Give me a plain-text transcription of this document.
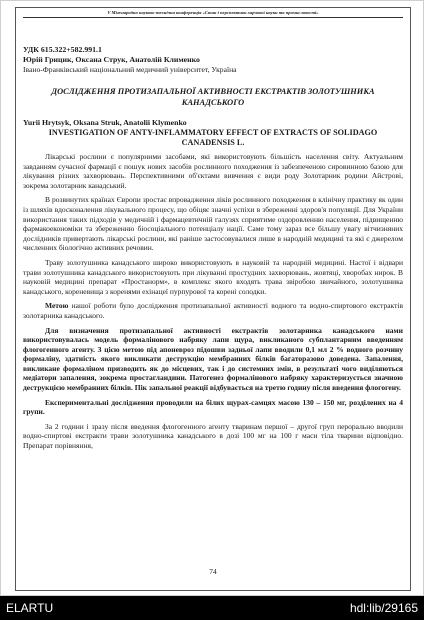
V Міжнародна науково-технічна конференція «Стан і перспективи харчової науки та промисловості»
УДК 615.322+582.991.1
Юрій Грицик, Оксана Струк, Анатолій Клименко
Івано-Франківський національний медичний університет, Україна
ДОСЛІДЖЕННЯ ПРОТИЗАПАЛЬНОЇ АКТИВНОСТІ ЕКСТРАКТІВ ЗОЛОТУШНИКА КАНАДСЬКОГО
Yurii Hrytsyk, Oksana Struk, Anatolii Klymenko
INVESTIGATION OF ANTY-INFLAMMATORY EFFECT OF EXTRACTS OF SOLIDAGO CANADENSIS L.

Лікарські рослини є популярними засобами, які використовують більшість населення світу. Актуальним завданням сучасної фармації є пошук нових засобів рослинного походження із забезпеченою сировинною базою для лікування різних захворювань. Перспективними об'єктами вивчення є види роду Золотарник родини Айстрові, зокрема золотарник канадський.

В розвинутих країнах Європи зростає впровадження ліків рослинного походження в клінічну практику як один із шляхів вдосконалення лікувального процесу, що обіцяє значні успіхи в збереженні здоров'я популяції. Для України використання таких підходів у медичній і фармацевтичній галузях сприятиме оздоровленню населення, підвищенню фармакоекономіки та збереженню біосоціального потенціалу нації. Саме тому зараз все більшу увагу вітчизняних дослідників привертають лікарські рослини, які раніше застосовувалися лише в народній медицині та які є джерелом численних біологічно активних речовин.

Траву золотушника канадського широко використовують в науковій та народній медицині. Настої і відвари трави золотушника канадського використовують при лікуванні простудних захворювань, жовтяці, хворобах нирок. В науковій медицині препарат «Простанорм», в комплекс якого входять трава звіробою звичайного, золотушника канадського, кореневища з коренями ехінацеї пурпурової та корені солодки.

Метою нашої роботи було дослідження протизапальної активності водного та водно-спиртового екстрактів золотарника канадського.

Для визначення протизапальної активності екстрактів золотарника канадського нами використовувалась модель формалінового набряку лапи щура, викликаного субплантарним введенням флогогенного агенту. З цією метою під апоневроз підошви задньої лапи вводили 0,1 мл 2 % водного розчину формаліну, здатність якого викликати деструкцію мембранних білків багаторазово доведена. Запалення, викликане формаліном призводить як до місцевих, так і до системних змін, в результаті чого виділяються медіатори запалення, зокрема простагландини. Патогенез формалінового набряку характеризується значною деструкцією мембранних білків. Пік запальної реакції відбувається на третю годину після введення флогогену.

Експериментальні дослідження проводили на білих щурах-самцях масою 130 – 150 мг, розділених на 4 групи.

За 2 години і зразу після введення флогогенного агенту тваринам першої – другої груп перорально вводили водно-спиртові екстракти трави золотушника канадського в дозі 100 мг на 100 г маси тіла тварини відповідно. Препарат порівняння,

74
ELARTU	hdl:lib/29165
